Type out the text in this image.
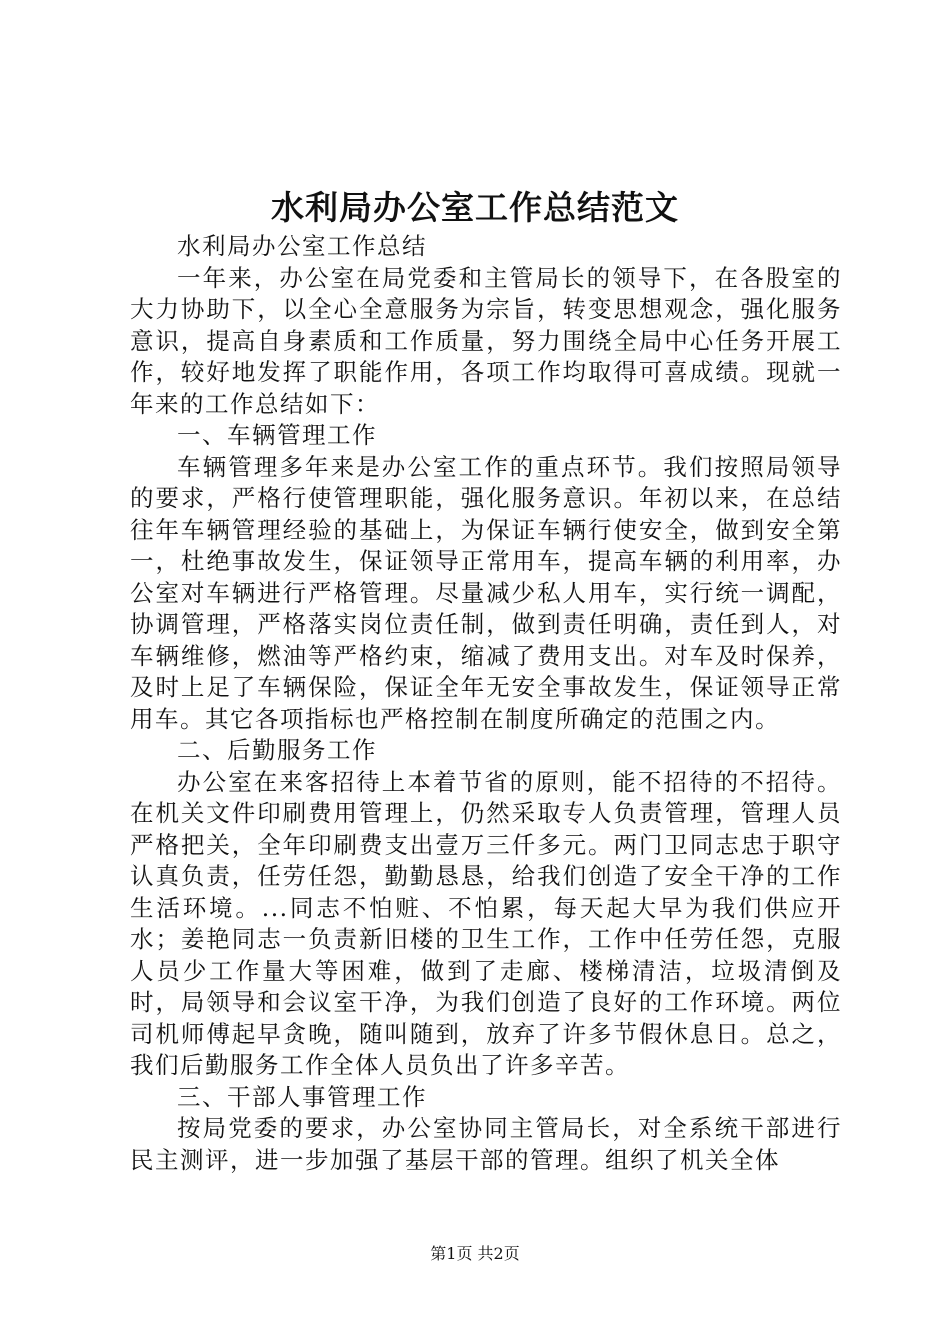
水利局办公室工作总结范文

水利局办公室工作总结

一年来，办公室在局党委和主管局长的领导下，在各股室的大力协助下，以全心全意服务为宗旨，转变思想观念，强化服务意识，提高自身素质和工作质量，努力围绕全局中心任务开展工作，较好地发挥了职能作用，各项工作均取得可喜成绩。现就一年来的工作总结如下：

一、车辆管理工作

车辆管理多年来是办公室工作的重点环节。我们按照局领导的要求，严格行使管理职能，强化服务意识。年初以来，在总结往年车辆管理经验的基础上，为保证车辆行使安全，做到安全第一，杜绝事故发生，保证领导正常用车，提高车辆的利用率，办公室对车辆进行严格管理。尽量减少私人用车，实行统一调配，协调管理，严格落实岗位责任制，做到责任明确，责任到人，对车辆维修，燃油等严格约束，缩减了费用支出。对车及时保养，及时上足了车辆保险，保证全年无安全事故发生，保证领导正常用车。其它各项指标也严格控制在制度所确定的范围之内。

二、后勤服务工作

办公室在来客招待上本着节省的原则，能不招待的不招待。在机关文件印刷费用管理上，仍然采取专人负责管理，管理人员严格把关，全年印刷费支出壹万三仟多元。两门卫同志忠于职守认真负责，任劳任怨，勤勤恳恳，给我们创造了安全干净的工作生活环境。...同志不怕赃、不怕累，每天起大早为我们供应开水；姜艳同志一负责新旧楼的卫生工作，工作中任劳任怨，克服人员少工作量大等困难，做到了走廊、楼梯清洁，垃圾清倒及时，局领导和会议室干净，为我们创造了良好的工作环境。两位司机师傅起早贪晚，随叫随到，放弃了许多节假休息日。总之，我们后勤服务工作全体人员负出了许多辛苦。

三、干部人事管理工作

按局党委的要求，办公室协同主管局长，对全系统干部进行民主测评，进一步加强了基层干部的管理。组织了机关全体

第1页 共2页
